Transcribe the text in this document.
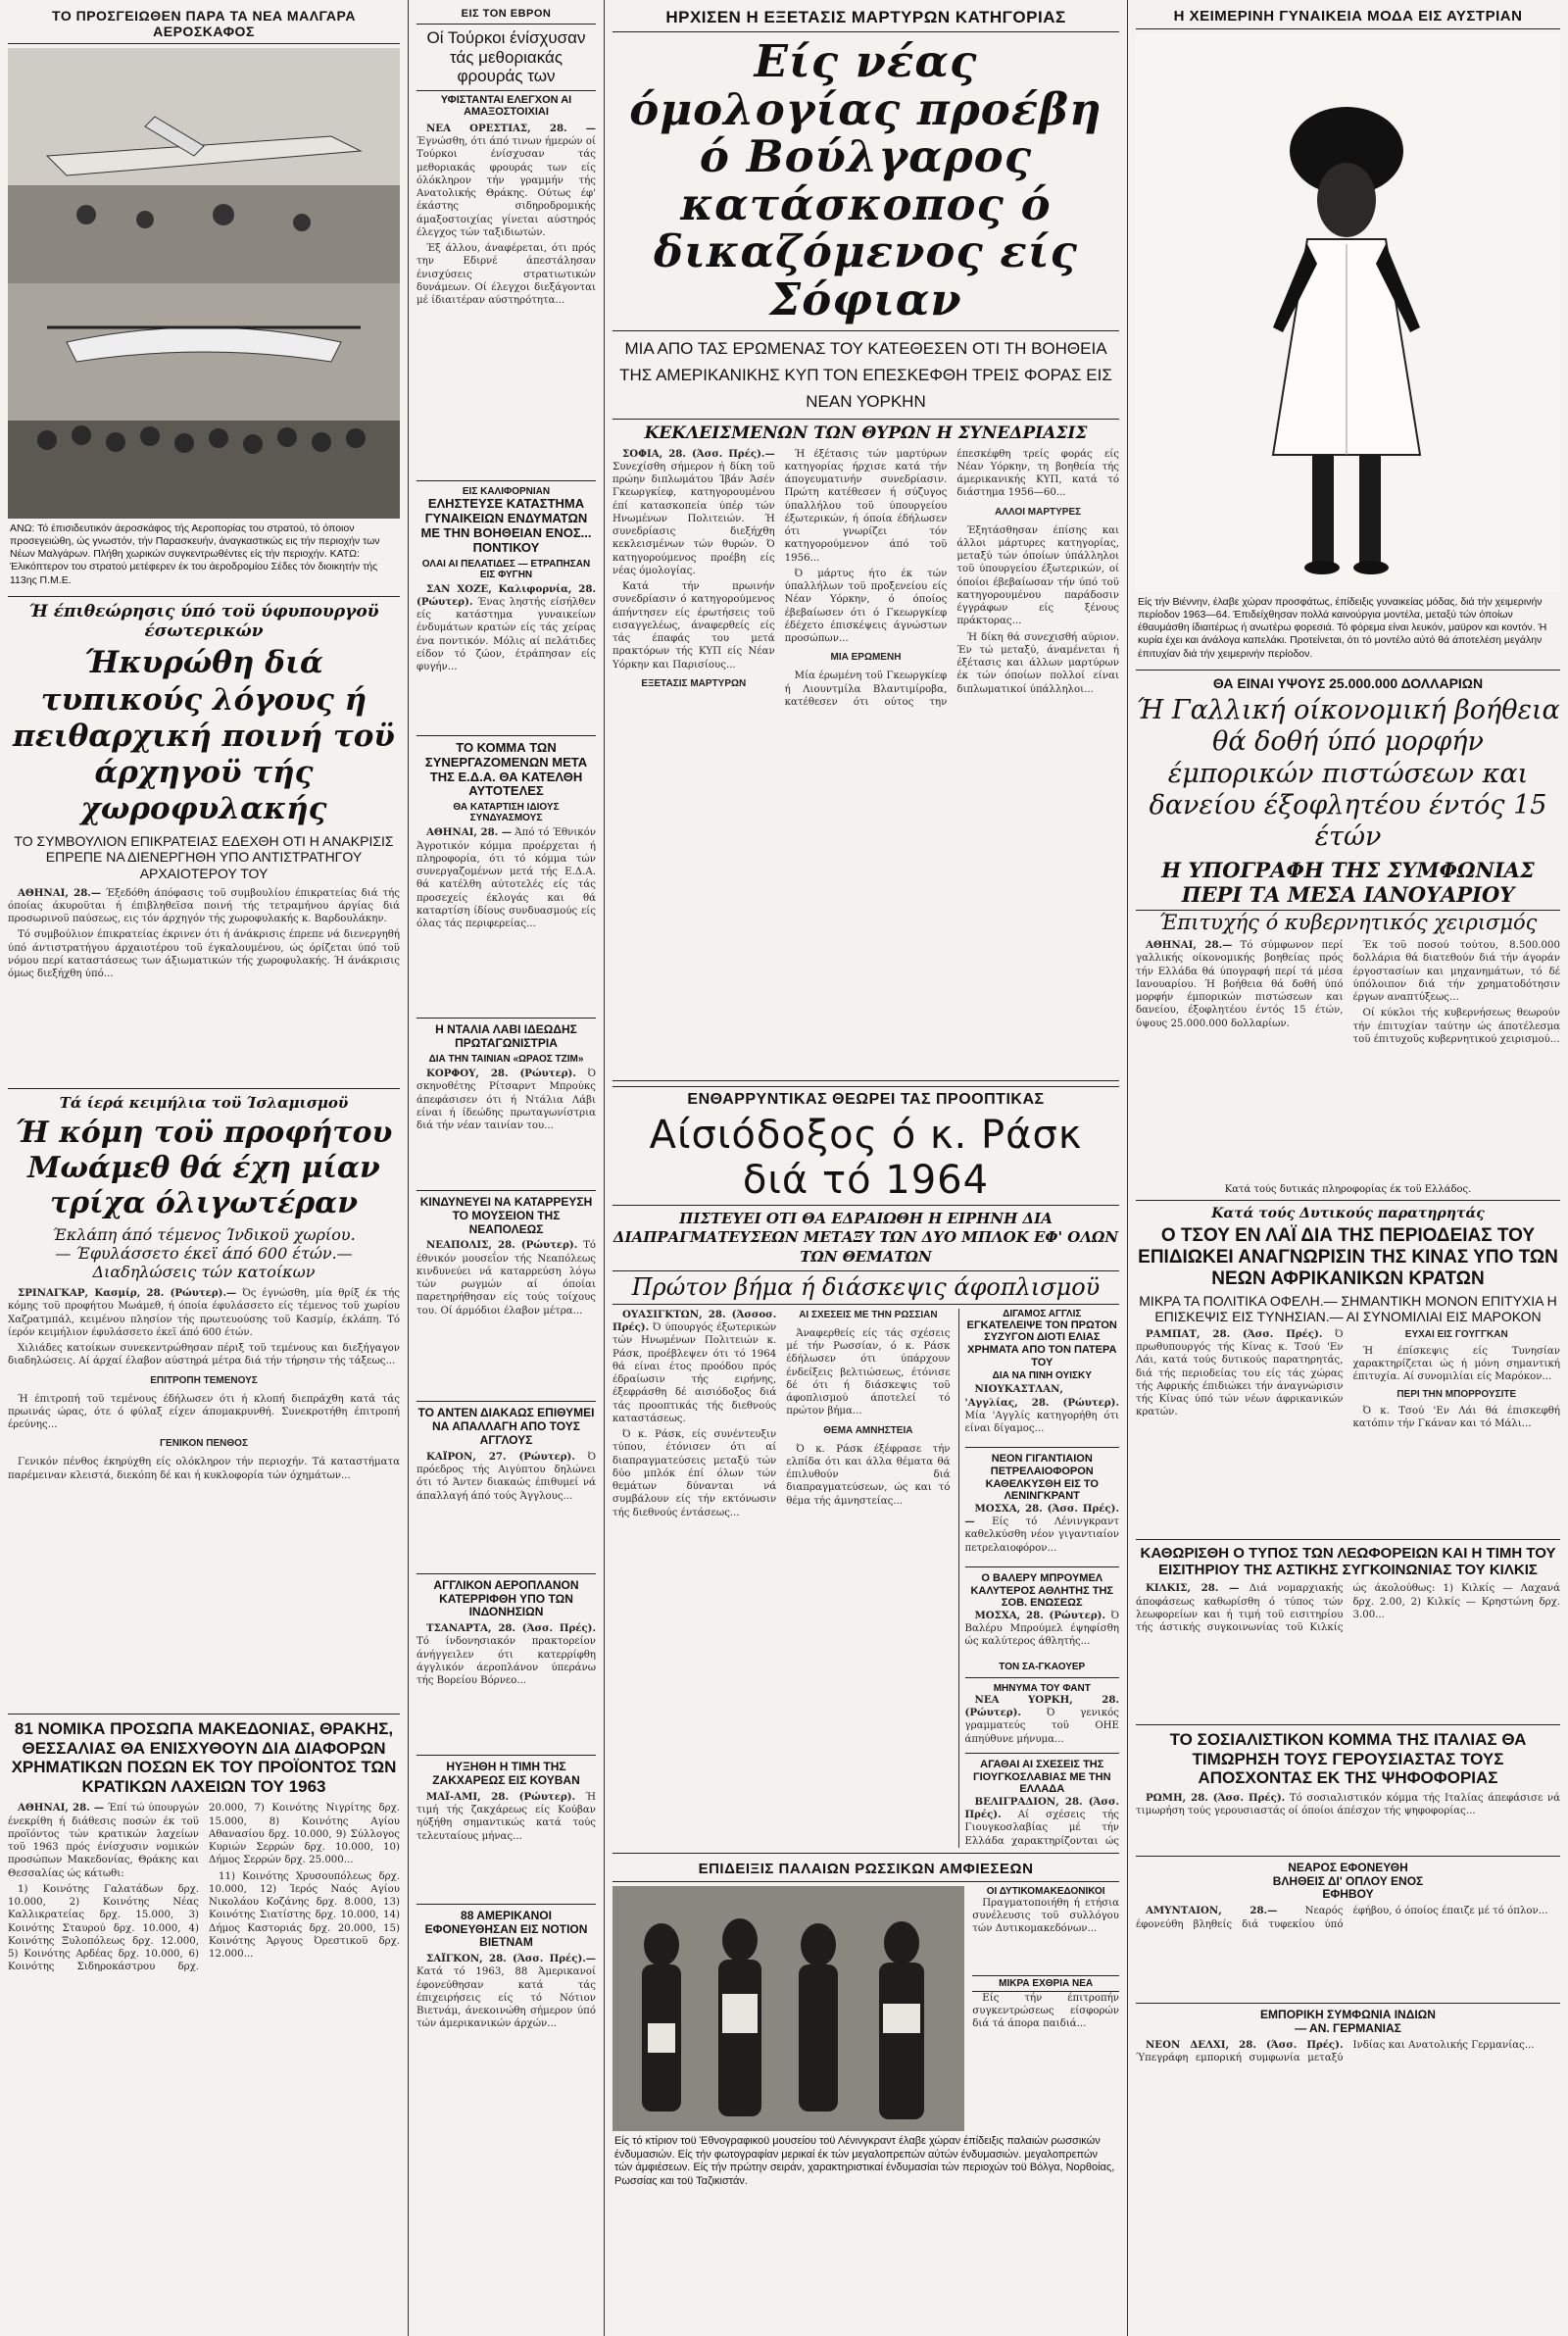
ΤΟ ΠΡΟΣΓΕΙΩΘΕΝ ΠΑΡΑ ΤΑ ΝΕΑ ΜΑΛΓΑΡΑ ΑΕΡΟΣΚΑΦΟΣ
ΑΝΩ: Τό έπισιδευτικόν άεροσκάφος τής Αεροπορίας του στρατού, τό όποιον προσεγειώθη, ώς γνωστόν, τήν Παρασκευήν, άναγκαστικώς εις τήν περιοχήν των Νέων Μαλγάρων. Πλήθη χωρικών συγκεντρωθέντες είς τήν περιοχήν. ΚΑΤΩ: Έλικόπτερον του στρατού μετέφερεν έκ του άεροδρομίου Σέδες τόν διοικητήν τής 113ης Π.Μ.Ε.
Ή έπιθεώρησις ύπό τοϋ ύφυπουργοϋ έσωτερικών
Ήκυρώθη διά τυπικούς λόγους ή πειθαρχική ποινή τοϋ άρχηγοϋ τής χωροφυλακής
ΤΟ ΣΥΜΒΟΥΛΙΟΝ ΕΠΙΚΡΑΤΕΙΑΣ ΕΔΕΧΘΗ ΟΤΙ Η ΑΝΑΚΡΙΣΙΣ ΕΠΡΕΠΕ ΝΑ ΔΙΕΝΕΡΓΗΘΗ ΥΠΟ ΑΝΤΙΣΤΡΑΤΗΓΟΥ ΑΡΧΑΙΟΤΕΡΟΥ ΤΟΥ

ΑΘΗΝΑΙ, 28.— Έξεδόθη άπόφασις τοϋ συμβουλίου έπικρατείας διά τής όποίας άκυροϋται ή έπιβληθεϊσα ποινή τής τετραμήνου άργίας διά προσωρινοϋ παύσεως, εις τόν άρχηγόν τής χωροφυλακής κ. Βαρδουλάκην.

Τό συμβούλιον έπικρατείας έκρινεν ότι ή άνάκρισις έπρεπε νά διενεργηθή ύπό άντιστρατήγου άρχαιοτέρου τοϋ έγκαλουμένου, ώς όρίζεται ύπό τοϋ νόμου περί καταστάσεως των άξιωματικών τής χωροφυλακής. Ή άνάκρισις όμως διεξήχθη ύπό...

Τά ίερά κειμήλια τοϋ Ίσλαμισμοϋ
Ή κόμη τοϋ προφήτου Μωάμεθ θά έχη μίαν τρίχα όλιγωτέραν
Έκλάπη άπό τέμενος Ίνδικοϋ χωρίου.— Έφυλάσσετο έκεϊ άπό 600 έτών.— Διαδηλώσεις τών κατοίκων

ΣΡΙΝΑΓΚΑΡ, Κασμίρ, 28. (Ρώυτερ).— Ός έγνώσθη, μία θρίξ έκ τής κόμης τοϋ προφήτου Μωάμεθ, ή όποία έφυλάσσετο είς τέμενος τοϋ χωρίου Χαζρατμπάλ, κειμένου πλησίον τής πρωτευούσης τοϋ Κασμίρ, έκλάπη. Τό ίερόν κειμήλιον έφυλάσσετο έκεϊ άπό 600 έτών.

Χιλιάδες κατοίκων συνεκεντρώθησαν πέριξ τοϋ τεμένους και διεξήγαγον διαδηλώσεις. Αί άρχαί έλαβον αύστηρά μέτρα διά τήν τήρησιν τής τάξεως...

ΕΠΙΤΡΟΠΗ ΤΕΜΕΝΟΥΣ

Ή έπιτροπή τοϋ τεμένους έδήλωσεν ότι ή κλοπή διεπράχθη κατά τάς πρωινάς ώρας, ότε ό φύλαξ είχεν άπομακρυνθή. Συνεκροτήθη έπιτροπή έρεύνης...

ΓΕΝΙΚΟΝ ΠΕΝΘΟΣ

Γενικόν πένθος έκηρύχθη είς ολόκληρον τήν περιοχήν. Τά καταστήματα παρέμειναν κλειστά, διεκόπη δέ και ή κυκλοφορία τών όχημάτων...

81 ΝΟΜΙΚΑ ΠΡΟΣΩΠΑ ΜΑΚΕΔΟΝΙΑΣ, ΘΡΑΚΗΣ, ΘΕΣΣΑΛΙΑΣ ΘΑ ΕΝΙΣΧΥΘΟΥΝ ΔΙΑ ΔΙΑΦΟΡΩΝ ΧΡΗΜΑΤΙΚΩΝ ΠΟΣΩΝ ΕΚ ΤΟΥ ΠΡΟΪΟΝΤΟΣ ΤΩΝ ΚΡΑΤΙΚΩΝ ΛΑΧΕΙΩΝ ΤΟΥ 1963

ΑΘΗΝΑΙ, 28. — Έπί τώ ύπουργών ένεκρίθη ή διάθεσις ποσών έκ τοϋ προϊόντος τών κρατικών λαχείων τοϋ 1963 πρός ένίσχυσιν νομικών προσώπων Μακεδονίας, Θράκης και Θεσσαλίας ώς κάτωθι:

1) Κοινότης Γαλατάδων δρχ. 10.000, 2) Κοινότης Νέας Καλλικρατείας δρχ. 15.000, 3) Κοινότης Σταυρού δρχ. 10.000, 4) Κοινότης Ξυλοπόλεως δρχ. 12.000, 5) Κοινότης Αρδέας δρχ. 10.000, 6) Κοινότης Σιδηροκάστρου δρχ. 20.000, 7) Κοινότης Νιγρίτης δρχ. 15.000, 8) Κοινότης Αγίου Αθανασίου δρχ. 10.000, 9) Σύλλογος Κυριών Σερρών δρχ. 10.000, 10) Δήμος Σερρών δρχ. 25.000...

11) Κοινότης Χρυσουπόλεως δρχ. 10.000, 12) Ίερός Ναός Αγίου Νικολάου Κοζάνης δρχ. 8.000, 13) Κοινότης Σιατίστης δρχ. 10.000, 14) Δήμος Καστοριάς δρχ. 20.000, 15) Κοινότης Άργους Όρεστικοϋ δρχ. 12.000...

ΕΙΣ ΤΟΝ ΕΒΡΟΝ
Οί Τούρκοι ένίσχυσαν τάς μεθοριακάς φρουράς των
ΥΦΙΣΤΑΝΤΑΙ ΕΛΕΓΧΟΝ ΑΙ ΑΜΑΞΟΣΤΟΙΧΙΑΙ

ΝΕΑ ΟΡΕΣΤΙΑΣ, 28. — Έγνώσθη, ότι άπό τινων ήμερών οί Τούρκοι ένίσχυσαν τάς μεθοριακάς φρουράς των είς όλόκληρον τήν γραμμήν τής Ανατολικής Θράκης. Ούτως έφ' έκάστης σιδηροδρομικής άμαξοστοιχίας γίνεται αύστηρός έλεγχος τών ταξιδιωτών.

Έξ άλλου, άναφέρεται, ότι πρός την Εδιρνέ άπεστάλησαν ένισχύσεις στρατιωτικών δυνάμεων. Οί έλεγχοι διεξάγονται μέ ίδιαιτέραν αύστηρότητα...

ΕΙΣ ΚΑΛΙΦΟΡΝΙΑΝ
ΕΛΗΣΤΕΥΣΕ ΚΑΤΑΣΤΗΜΑ ΓΥΝΑΙΚΕΙΩΝ ΕΝΔΥΜΑΤΩΝ ΜΕ ΤΗΝ ΒΟΗΘΕΙΑΝ ΕΝΟΣ... ΠΟΝΤΙΚΟΥ
ΟΛΑΙ ΑΙ ΠΕΛΑΤΙΔΕΣ — ΕΤΡΑΠΗΣΑΝ ΕΙΣ ΦΥΓΗΝ

ΣΑΝ ΧΟΖΕ, Καλιφορνία, 28. (Ρώυτερ). Ένας ληστής είσήλθεν είς κατάστημα γυναικείων ένδυμάτων κρατών είς τάς χείρας ένα ποντικόν. Μόλις αί πελάτιδες είδον τό ζώον, έτράπησαν είς φυγήν...

ΤΟ ΚΟΜΜΑ ΤΩΝ ΣΥΝΕΡΓΑΖΟΜΕΝΩΝ ΜΕΤΑ ΤΗΣ Ε.Δ.Α. ΘΑ ΚΑΤΕΛΘΗ ΑΥΤΟΤΕΛΕΣ
ΘΑ ΚΑΤΑΡΤΙΣΗ ΙΔΙΟΥΣ ΣΥΝΔΥΑΣΜΟΥΣ

ΑΘΗΝΑΙ, 28. — Άπό τό Έθνικόν Άγροτικόν κόμμα προέρχεται ή πληροφορία, ότι τό κόμμα τών συνεργαζομένων μετά τής Ε.Δ.Α. θά κατέλθη αύτοτελές είς τάς προσεχείς έκλογάς και θά καταρτίση ίδίους συνδυασμούς είς όλας τάς περιφερείας...

Η ΝΤΑΛΙΑ ΛΑΒΙ ΙΔΕΩΔΗΣ ΠΡΩΤΑΓΩΝΙΣΤΡΙΑ
ΔΙΑ ΤΗΝ ΤΑΙΝΙΑΝ «ΩΡΑΟΣ ΤΖΙΜ»

ΚΟΡΦΟΥ, 28. (Ρώυτερ). Ό σκηνοθέτης Ρίτσαρντ Μπρούκς άπεφάσισεν ότι ή Ντάλια Λάβι είναι ή ίδεώδης πρωταγωνίστρια διά τήν νέαν ταινίαν του...

ΚΙΝΔΥΝΕΥΕΙ ΝΑ ΚΑΤΑΡΡΕΥΣΗ ΤΟ ΜΟΥΣΕΙΟΝ ΤΗΣ ΝΕΑΠΟΛΕΩΣ

ΝΕΑΠΟΛΙΣ, 28. (Ρώυτερ). Τό έθνικόν μουσεΐον τής Νεαπόλεως κινδυνεύει νά καταρρεύση λόγω τών ρωγμών αί όποίαι παρετηρήθησαν είς τούς τοίχους του. Οί άρμόδιοι έλαβον μέτρα...

ΤΟ ΑΝΤΕΝ ΔΙΑΚΑΩΣ ΕΠΙΘΥΜΕΙ ΝΑ ΑΠΑΛΛΑΓΗ ΑΠΟ ΤΟΥΣ ΑΓΓΛΟΥΣ

ΚΑΪΡΟΝ, 27. (Ρώυτερ). Ό πρόεδρος τής Αιγύπτου δηλώνει ότι τό Άντεν διακαώς έπιθυμεί νά άπαλλαγή άπό τούς Άγγλους...

ΑΓΓΛΙΚΟΝ ΑΕΡΟΠΛΑΝΟΝ ΚΑΤΕΡΡΙΦΘΗ ΥΠΟ ΤΩΝ ΙΝΔΟΝΗΣΙΩΝ

ΤΣΑΝΑΡΤΑ, 28. (Άσσ. Πρές). Τό ίνδονησιακόν πρακτορείον άνήγγειλεν ότι κατερρίφθη άγγλικόν άεροπλάνον ύπεράνω τής Βορείου Βόρνεο...

ΗΥΞΗΘΗ Η ΤΙΜΗ ΤΗΣ ΖΑΚΧΑΡΕΩΣ ΕΙΣ ΚΟΥΒΑΝ

ΜΑΪ-ΑΜΙ, 28. (Ρώυτερ). Ή τιμή τής ζακχάρεως είς Κούβαν ηύξήθη σημαντικώς κατά τούς τελευταίους μήνας...

88 ΑΜΕΡΙΚΑΝΟΙ ΕΦΟΝΕΥΘΗΣΑΝ ΕΙΣ ΝΟΤΙΟΝ ΒΙΕΤΝΑΜ

ΣΑΪΓΚΟΝ, 28. (Άσσ. Πρές).— Κατά τό 1963, 88 Άμερικανοί έφονεύθησαν κατά τάς έπιχειρήσεις είς τό Νότιον Βιετνάμ, άνεκοινώθη σήμερον ύπό τών άμερικανικών άρχών...

ΗΡΧΙΣΕΝ Η ΕΞΕΤΑΣΙΣ ΜΑΡΤΥΡΩΝ ΚΑΤΗΓΟΡΙΑΣ
Είς νέας όμολογίας προέβη ό Βούλγαρος κατάσκοπος ό δικαζόμενος είς Σόφιαν
ΜΙΑ ΑΠΟ ΤΑΣ ΕΡΩΜΕΝΑΣ ΤΟΥ ΚΑΤΕΘΕΣΕΝ ΟΤΙ ΤΗ ΒΟΗΘΕΙΑ ΤΗΣ ΑΜΕΡΙΚΑΝΙΚΗΣ ΚΥΠ ΤΟΝ ΕΠΕΣΚΕΦΘΗ ΤΡΕΙΣ ΦΟΡΑΣ ΕΙΣ ΝΕΑΝ ΥΟΡΚΗΝ
ΚΕΚΛΕΙΣΜΕΝΩΝ ΤΩΝ ΘΥΡΩΝ Η ΣΥΝΕΔΡΙΑΣΙΣ

ΣΟΦΙΑ, 28. (Άσσ. Πρές).— Συνεχίσθη σήμερον ή δίκη τοϋ πρώην διπλωμάτου Ίβάν Άσέν Γκεωργκίεφ, κατηγορουμένου έπί κατασκοπεία ύπέρ τών Ηνωμένων Πολιτειών. Ή συνεδρίασις διεξήχθη κεκλεισμένων τών θυρών. Ό κατηγορούμενος προέβη είς νέας όμολογίας.

Κατά τήν πρωινήν συνεδρίασιν ό κατηγορούμενος άπήντησεν είς έρωτήσεις τοϋ εισαγγελέως, άναφερθείς είς τάς έπαφάς του μετά πρακτόρων τής ΚΥΠ είς Νέαν Υόρκην και Παρισίους...

ΕΞΕΤΑΣΙΣ ΜΑΡΤΥΡΩΝ

Ή έξέτασις τών μαρτύρων κατηγορίας ήρχισε κατά τήν άπογευματινήν συνεδρίασιν. Πρώτη κατέθεσεν ή σύζυγος ύπαλλήλου τοϋ ύπουργείου έξωτερικών, ή όποία έδήλωσεν ότι γνωρίζει τόν κατηγορούμενον άπό τοϋ 1956...

Ό μάρτυς ήτο έκ τών ύπαλλήλων τοϋ προξενείου είς Νέαν Υόρκην, ό όποίος έβεβαίωσεν ότι ό Γκεωργκίεφ έδέχετο έπισκέψεις άγνώστων προσώπων...

ΜΙΑ ΕΡΩΜΕΝΗ

Μία έρωμένη τοϋ Γκεωργκίεφ ή Λιουντμίλα Βλαντιμίροβα, κατέθεσεν ότι ούτος την έπεσκέφθη τρείς φοράς είς Νέαν Υόρκην, τη βοηθεία τής άμερικανικής ΚΥΠ, κατά τό διάστημα 1956—60...

ΑΛΛΟΙ ΜΑΡΤΥΡΕΣ

Έξητάσθησαν έπίσης και άλλοι μάρτυρες κατηγορίας, μεταξύ τών όποίων ύπάλληλοι τοϋ ύπουργείου έξωτερικών, οί όποίοι έβεβαίωσαν τήν ύπό τοϋ κατηγορουμένου παράδοσιν έγγράφων είς ξένους πράκτορας...

Ή δίκη θά συνεχισθή αύριον. Έν τώ μεταξύ, άναμένεται ή έξέτασις και άλλων μαρτύρων έκ τών όποίων πολλοί είναι διπλωματικοί ύπάλληλοι...

ΕΝΘΑΡΡΥΝΤΙΚΑΣ ΘΕΩΡΕΙ ΤΑΣ ΠΡΟΟΠΤΙΚΑΣ
Αίσιόδοξος ό κ. Ράσκ διά τό 1964
ΠΙΣΤΕΥΕΙ ΟΤΙ ΘΑ ΕΔΡΑΙΩΘΗ Η ΕΙΡΗΝΗ ΔΙΑ ΔΙΑΠΡΑΓΜΑΤΕΥΣΕΩΝ ΜΕΤΑΞΥ ΤΩΝ ΔΥΟ ΜΠΛΟΚ ΕΦ' ΟΛΩΝ ΤΩΝ ΘΕΜΑΤΩΝ
Πρώτον βήμα ή διάσκεψις άφοπλισμοϋ

ΟΥΑΣΙΓΚΤΩΝ, 28. (Άσσοσ. Πρές). Ό ύπουργός έξωτερικών τών Ηνωμένων Πολιτειών κ. Ράσκ, προέβλεψεν ότι τό 1964 θά είναι έτος προόδου πρός έδραίωσιν τής ειρήνης, έξεφράσθη δέ αισιόδοξος διά τάς προοπτικάς τής διεθνούς καταστάσεως.

Ό κ. Ράσκ, είς συνέντευξιν τύπου, έτόνισεν ότι αί διαπραγματεύσεις μεταξύ τών δύο μπλόκ έπί όλων τών θεμάτων δύνανται νά συμβάλουν είς τήν εκτόνωσιν τής διεθνούς έντάσεως...

ΑΙ ΣΧΕΣΕΙΣ ΜΕ ΤΗΝ ΡΩΣΣΙΑΝ

Άναφερθείς είς τάς σχέσεις μέ τήν Ρωσσίαν, ό κ. Ράσκ έδήλωσεν ότι ύπάρχουν ένδείξεις βελτιώσεως, έτόνισε δέ ότι ή διάσκεψις τοϋ άφοπλισμού άποτελεί τό πρώτον βήμα...

ΘΕΜΑ ΑΜΝΗΣΤΕΙΑ

Ό κ. Ράσκ έξέφρασε τήν ελπίδα ότι και άλλα θέματα θά έπιλυθούν διά διαπραγματεύσεων, ώς και τό θέμα τής άμνηστείας...

ΔΙΓΑΜΟΣ ΑΓΓΛΙΣ
ΕΓΚΑΤΕΛΕΙΨΕ ΤΟΝ ΠΡΩΤΟΝ ΣΥΖΥΓΟΝ ΔΙΟΤΙ ΕΛΙΑΣ ΧΡΗΜΑΤΑ ΑΠΟ ΤΟΝ ΠΑΤΕΡΑ ΤΟΥ
ΔΙΑ ΝΑ ΠΙΝΗ ΟΥΙΣΚΥ

ΝΙΟΥΚΑΣΤΛΑΝ, 'Αγγλίας, 28. (Ρώυτερ). Μία 'Αγγλίς κατηγορήθη ότι είναι δίγαμος...

ΝΕΟΝ ΓΙΓΑΝΤΙΑΙΟΝ ΠΕΤΡΕΛΑΙΟΦΟΡΟΝ ΚΑΘΕΛΚΥΣΘΗ ΕΙΣ ΤΟ ΛΕΝΙΝΓΚΡΑΝΤ

ΜΟΣΧΑ, 28. (Άσσ. Πρές).— Είς τό Λένινγκραντ καθελκύσθη νέον γιγαντιαίον πετρελαιοφόρον...

Ο ΒΑΛΕΡΥ ΜΠΡΟΥΜΕΛ ΚΑΛΥΤΕΡΟΣ ΑΘΛΗΤΗΣ ΤΗΣ ΣΟΒ. ΕΝΩΣΕΩΣ

ΜΟΣΧΑ, 28. (Ρώυτερ). Ό Βαλέρυ Μπρούμελ έψηφίσθη ώς καλύτερος άθλητής...

ΤΟΝ ΣΑ-ΓΚΑΟΥΕΡ
ΜΗΝΥΜΑ ΤΟΥ ΦΑΝΤ

ΝΕΑ ΥΟΡΚΗ, 28. (Ρώυτερ). Ό γενικός γραμματεύς τοϋ ΟΗΕ άπηύθυνε μήνυμα...

ΑΓΑΘΑΙ ΑΙ ΣΧΕΣΕΙΣ ΤΗΣ ΓΙΟΥΓΚΟΣΛΑΒΙΑΣ ΜΕ ΤΗΝ ΕΛΛΑΔΑ

ΒΕΛΙΓΡΑΔΙΟΝ, 28. (Άσσ. Πρές). Αί σχέσεις τής Γιουγκοσλαβίας μέ τήν Ελλάδα χαρακτηρίζονται ώς

ΕΠΙΔΕΙΞΙΣ ΠΑΛΑΙΩΝ ΡΩΣΣΙΚΩΝ ΑΜΦΙΕΣΕΩΝ
ΟΙ ΔΥΤΙΚΟΜΑΚΕΔΟΝΙΚΟΙ

Πραγματοποιήθη ή ετήσια συνέλευσις τοϋ συλλόγου τών Δυτικομακεδόνων...

ΜΙΚΡΑ ΕΧΘΡΙΑ ΝΕΑ

Είς τήν έπιτροπήν συγκεντρώσεως είσφορών διά τά άπορα παιδιά...

Είς τό κτίριον τοϋ Έθνογραφικοϋ μουσείου τοϋ Λένινγκραντ έλαβε χώραν έπίδειξις παλαιών ρωσσικών ένδυμασιών. Είς τήν φωτογραφίαν μερικαί έκ τών μεγαλοπρεπών αύτών ένδυμασιών. μεγαλοπρεπών τών άμφιέσεων. Είς τήν πρώτην σειράν, χαρακτηριστικαί ένδυμασίαι τών περιοχών τοϋ Βόλγα, Νορθοίας, Ρωσσίας και τοϋ Ταζικιστάν.
Η ΧΕΙΜΕΡΙΝΗ ΓΥΝΑΙΚΕΙΑ ΜΟΔΑ ΕΙΣ ΑΥΣΤΡΙΑΝ
Είς τήν Βιέννην, έλαβε χώραν προσφάτως, έπίδειξις γυναικείας μόδας, διά τήν χειμερινήν περίοδον 1963—64. Έπιδείχθησαν πολλά καινούργια μοντέλα, μεταξύ τών όποίων έθαυμάσθη ίδιαιτέρως ή ανωτέρω φορεσιά. Τό φόρεμα είναι λευκόν, μαϋρον και κοντόν. Ή κυρία έχει και άνάλογα καπελάκι. Προτείνεται, ότι τό μοντέλο αύτό θά άποτελέση μεγάλην έπιτυχίαν διά τήν χειμερινήν περίοδον.
ΘΑ ΕΙΝΑΙ ΥΨΟΥΣ 25.000.000 ΔΟΛΛΑΡΙΩΝ
Ή Γαλλική οίκονομική βοήθεια θά δοθή ύπό μορφήν έμπορικών πιστώσεων και δανείου έξοφλητέου έντός 15 έτών
Η ΥΠΟΓΡΑΦΗ ΤΗΣ ΣΥΜΦΩΝΙΑΣ ΠΕΡΙ ΤΑ ΜΕΣΑ ΙΑΝΟΥΑΡΙΟΥ
Έπιτυχής ό κυβερνητικός χειρισμός

ΑΘΗΝΑΙ, 28.— Τό σύμφωνον περί γαλλικής οίκονομικής βοηθείας πρός τήν Ελλάδα θά ύπογραφή περί τά μέσα Ιανουαρίου. Ή βοήθεια θά δοθή ύπό μορφήν έμπορικών πιστώσεων και δανείου, έξοφλητέου έντός 15 έτών, ύψους 25.000.000 δολλαρίων.

Έκ τοϋ ποσού τούτου, 8.500.000 δολλάρια θά διατεθούν διά τήν άγοράν έργοστασίων και μηχανημάτων, τό δέ ύπόλοιπον διά τήν χρηματοδότησιν έργων αναπτύξεως...

Οί κύκλοι τής κυβερνήσεως θεωρούν τήν έπιτυχίαν ταύτην ώς άποτέλεσμα τοϋ έπιτυχοϋς κυβερνητικού χειρισμού...

Κατά τούς δυτικάς πληροφορίας έκ τοϋ Ελλάδος.
Κατά τούς Δυτικούς παρατηρητάς
Ο ΤΣΟΥ ΕΝ ΛΑΪ ΔΙΑ ΤΗΣ ΠΕΡΙΟΔΕΙΑΣ ΤΟΥ ΕΠΙΔΙΩΚΕΙ ΑΝΑΓΝΩΡΙΣΙΝ ΤΗΣ ΚΙΝΑΣ ΥΠΟ ΤΩΝ ΝΕΩΝ ΑΦΡΙΚΑΝΙΚΩΝ ΚΡΑΤΩΝ
ΜΙΚΡΑ ΤΑ ΠΟΛΙΤΙΚΑ ΟΦΕΛΗ.— ΣΗΜΑΝΤΙΚΗ ΜΟΝΟΝ ΕΠΙΤΥΧΙΑ Η ΕΠΙΣΚΕΨΙΣ ΕΙΣ ΤΥΝΗΣΙΑΝ.— ΑΙ ΣΥΝΟΜΙΛΙΑΙ ΕΙΣ ΜΑΡΟΚΟΝ

ΡΑΜΠΑΤ, 28. (Άσσ. Πρές). Ό πρωθυπουργός τής Κίνας κ. Τσού 'Εν Λάι, κατά τούς δυτικούς παρατηρητάς, διά τής περιοδείας του είς τάς χώρας τής Αφρικής έπιδιώκει τήν άναγνώρισιν τής Κίνας ύπό τών νέων άφρικανικών κρατών.

ΕΥΧΑΙ ΕΙΣ ΓΟΥΓΓΚΑΝ

Ή έπίσκεψις είς Τυνησίαν χαρακτηρίζεται ώς ή μόνη σημαντική έπιτυχία. Αί συνομιλίαι είς Μαρόκον...

ΠΕΡΙ ΤΗΝ ΜΠΟΡΡΟΥΣΙΤΕ

Ό κ. Τσού 'Εν Λάι θά έπισκεφθή κατόπιν τήν Γκάναν και τό Μάλι...

ΚΑΘΩΡΙΣΘΗ Ο ΤΥΠΟΣ ΤΩΝ ΛΕΩΦΟΡΕΙΩΝ ΚΑΙ Η ΤΙΜΗ ΤΟΥ ΕΙΣΙΤΗΡΙΟΥ ΤΗΣ ΑΣΤΙΚΗΣ ΣΥΓΚΟΙΝΩΝΙΑΣ ΤΟΥ ΚΙΛΚΙΣ

ΚΙΛΚΙΣ, 28. — Διά νομαρχιακής άποφάσεως καθωρίσθη ό τύπος τών λεωφορείων και ή τιμή τοϋ εισιτηρίου τής άστικής συγκοινωνίας τοϋ Κιλκίς ώς άκολούθως: 1) Κιλκίς — Λαχανά δρχ. 2.00, 2) Κιλκίς — Κρηστώνη δρχ. 3.00...

ΤΟ ΣΟΣΙΑΛΙΣΤΙΚΟΝ ΚΟΜΜΑ ΤΗΣ ΙΤΑΛΙΑΣ ΘΑ ΤΙΜΩΡΗΣΗ ΤΟΥΣ ΓΕΡΟΥΣΙΑΣΤΑΣ ΤΟΥΣ ΑΠΟΣΧΟΝΤΑΣ ΕΚ ΤΗΣ ΨΗΦΟΦΟΡΙΑΣ

ΡΩΜΗ, 28. (Άσσ. Πρές). Τό σοσιαλιστικόν κόμμα τής Ιταλίας άπεφάσισε νά τιμωρήση τούς γερουσιαστάς οί όποίοι άπέσχον τής ψηφοφορίας...

ΝΕΑΡΟΣ ΕΦΟΝΕΥΘΗ ΒΛΗΘΕΙΣ ΔΙ' ΟΠΛΟΥ ΕΝΟΣ ΕΦΗΒΟΥ

ΑΜΥΝΤΑΙΟΝ, 28.— Νεαρός έφονεύθη βληθείς διά τυφεκίου ύπό έφήβου, ό όποίος έπαιζε μέ τό όπλον...

ΕΜΠΟΡΙΚΗ ΣΥΜΦΩΝΙΑ ΙΝΔΙΩΝ — ΑΝ. ΓΕΡΜΑΝΙΑΣ

ΝΕΟΝ ΔΕΛΧΙ, 28. (Άσσ. Πρές). Ύπεγράφη εμπορική συμφωνία μεταξύ Ινδίας και Ανατολικής Γερμανίας...
